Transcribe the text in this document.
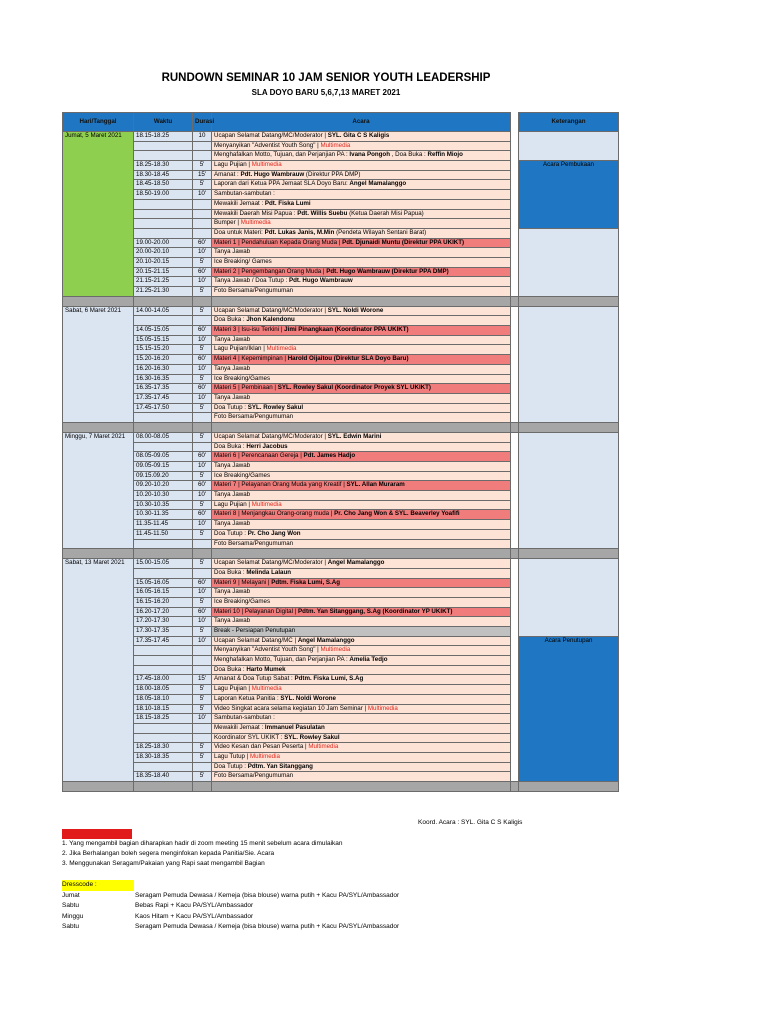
RUNDOWN SEMINAR 10 JAM SENIOR YOUTH LEADERSHIP
SLA DOYO BARU 5,6,7,13 MARET 2021
Hari/Tanggal	Waktu	Durasi	Acara		Keterangan
Jumat, 5 Maret 2021	18.15-18.25	10	Ucapan Selamat Datang/MC/Moderator | SYL. Gita C S Kaligis		
			Menyanyikan "Adventist Youth Song" | Multimedia		
			Menghafalkan Motto, Tujuan, dan Perjanjian PA : Ivana Pongoh , Doa Buka : Reffin Miojo		
	18.25-18.30	5'	Lagu Pujian | Multimedia		Acara Pembukaan
	18.30-18.45	15'	Amanat : Pdt. Hugo Wambrauw (Direktur PPA DMP)		
	18.45-18.50	5'	Laporan dari Ketua PPA Jemaat SLA Doyo Baru: Angel Mamalanggo		
	18.50-19.00	10'	Sambutan-sambutan :		
			Mewakili Jemaat : Pdt. Fiska Lumi		
			Mewakili Daerah Misi Papua : Pdt. Willis Suebu (Ketua Daerah Misi Papua)		
			Bumper | Multimedia		
			Doa untuk Materi: Pdt. Lukas Janis, M.Min (Pendeta Wilayah Sentani Barat)		
	19.00-20.00	60'	Materi 1 | Pendahuluan Kepada Orang Muda | Pdt. Djunaidi Muntu (Direktur PPA UKIKT)		
	20.00-20.10	10'	Tanya Jawab		
	20.10-20.15	5'	Ice Breaking/ Games		
	20.15-21.15	60'	Materi 2 | Pengembangan Orang Muda | Pdt. Hugo Wambrauw (Direktur PPA DMP)		
	21.15-21.25	10'	Tanya Jawab / Doa Tutup : Pdt. Hugo Wambrauw		
	21.25-21.30	5'	Foto Bersama/Pengumuman		

Sabat, 6 Maret 2021	14.00-14.05	5'	Ucapan Selamat Datang/MC/Moderator | SYL. Noldi Worone		
			Doa Buka : Jhon Kalendonu		
	14.05-15.05	60'	Materi 3 | Isu-isu Terkini | Jimi Pinangkaan (Koordinator PPA UKIKT)		
	15.05-15.15	10'	Tanya Jawab		
	15.15-15.20	5'	Lagu Pujian/Iklan | Multimedia		
	15.20-16.20	60'	Materi 4 | Kepemimpinan | Harold Oijaitou (Direktur SLA Doyo Baru)		
	16.20-16.30	10'	Tanya Jawab		
	16.30-16.35	5'	Ice Breaking/Games		
	16.35-17.35	60'	Materi 5 | Pembinaan | SYL. Rowley Sakul (Koordinator Proyek SYL UKIKT)		
	17.35-17.45	10'	Tanya Jawab		
	17.45-17.50	5'	Doa Tutup : SYL. Rowley Sakul		
			Foto Bersama/Pengumuman		

Minggu, 7 Maret 2021	08.00-08.05	5'	Ucapan Selamat Datang/MC/Moderator | SYL. Edwin Marini		
			Doa Buka : Herri Jacobus		
	08.05-09.05	60'	Materi 6 | Perencanaan Gereja | Pdt. James Hadjo		
	09.05-09.15	10'	Tanya Jawab		
	09.15.09.20	5'	Ice Breaking/Games		
	09.20-10.20	60'	Materi 7 | Pelayanan Orang Muda yang Kreatif | SYL. Allan Muraram		
	10.20-10.30	10'	Tanya Jawab		
	10.30-10.35	5'	Lagu Pujian | Multimedia		
	10.30-11.35	60'	Materi 8 | Menjangkau Orang-orang muda | Pr. Cho Jang Won & SYL. Beaverley Yoafifi		
	11.35-11.45	10'	Tanya Jawab		
	11.45-11.50	5'	Doa Tutup : Pr. Cho Jang Won		
			Foto Bersama/Pengumuman		

Sabat, 13 Maret 2021	15.00-15.05	5'	Ucapan Selamat Datang/MC/Moderator | Angel Mamalanggo		
			Doa Buka : Melinda Lalaun		
	15.05-16.05	60'	Materi 9 | Melayani | Pdtm. Fiska Lumi, S.Ag		
	16.05-16.15	10'	Tanya Jawab		
	16.15-16.20	5'	Ice Breaking/Games		
	16.20-17.20	60'	Materi 10 | Pelayanan Digital | Pdtm. Yan Sitanggang, S.Ag (Koordinator YP UKIKT)		
	17.20-17.30	10'	Tanya Jawab		
	17.30-17.35	5'	Break - Persiapan Penutupan		
	17.35-17.45	10'	Ucapan Selamat Datang/MC | Angel Mamalanggo		Acara Penutupan
			Menyanyikan "Adventist Youth Song" | Multimedia		
			Menghafalkan Motto, Tujuan, dan Perjanjian PA : Amelia Tedjo		
			Doa Buka : Harto Mumek		
	17.45-18.00	15'	Amanat & Doa Tutup Sabat : Pdtm. Fiska Lumi, S.Ag		
	18.00-18.05	5'	Lagu Pujian | Multimedia		
	18.05-18.10	5'	Laporan Ketua Panitia : SYL. Noldi Worone		
	18.10-18.15	5'	Video Singkat acara selama kegiatan 10 Jam Seminar | Multimedia		
	18.15-18.25	10'	Sambutan-sambutan :		
			Mewakili Jemaat : Immanuel Pasulatan		
			Koordinator SYL UKIKT : SYL. Rowley Sakul		
	18.25-18.30	5'	Video Kesan dan Pesan Peserta | Multimedia		
	18.30-18.35	5'	Lagu Tutup | Multimedia		
			Doa Tutup : Pdtm. Yan Sitanggang		
	18.35-18.40	5'	Foto Bersama/Pengumuman		

Koord. Acara : SYL. Gita C S Kaligis
Notes :
1. Yang mengambil bagian diharapkan hadir di zoom meeting 15 menit sebelum acara dimulaikan
2. Jika Berhalangan boleh segera menginfokan kepada Panitia/Sie. Acara
3. Menggunakan Seragam/Pakaian yang Rapi saat mengambil Bagian
Dresscode :
Jumat	Seragam Pemuda Dewasa / Kemeja (bisa blouse) warna putih + Kacu PA/SYL/Ambassador
Sabtu	Bebas Rapi + Kacu PA/SYL/Ambassador
Minggu	Kaos Hitam + Kacu PA/SYL/Ambassador
Sabtu	Seragam Pemuda Dewasa / Kemeja (bisa blouse) warna putih + Kacu PA/SYL/Ambassador
